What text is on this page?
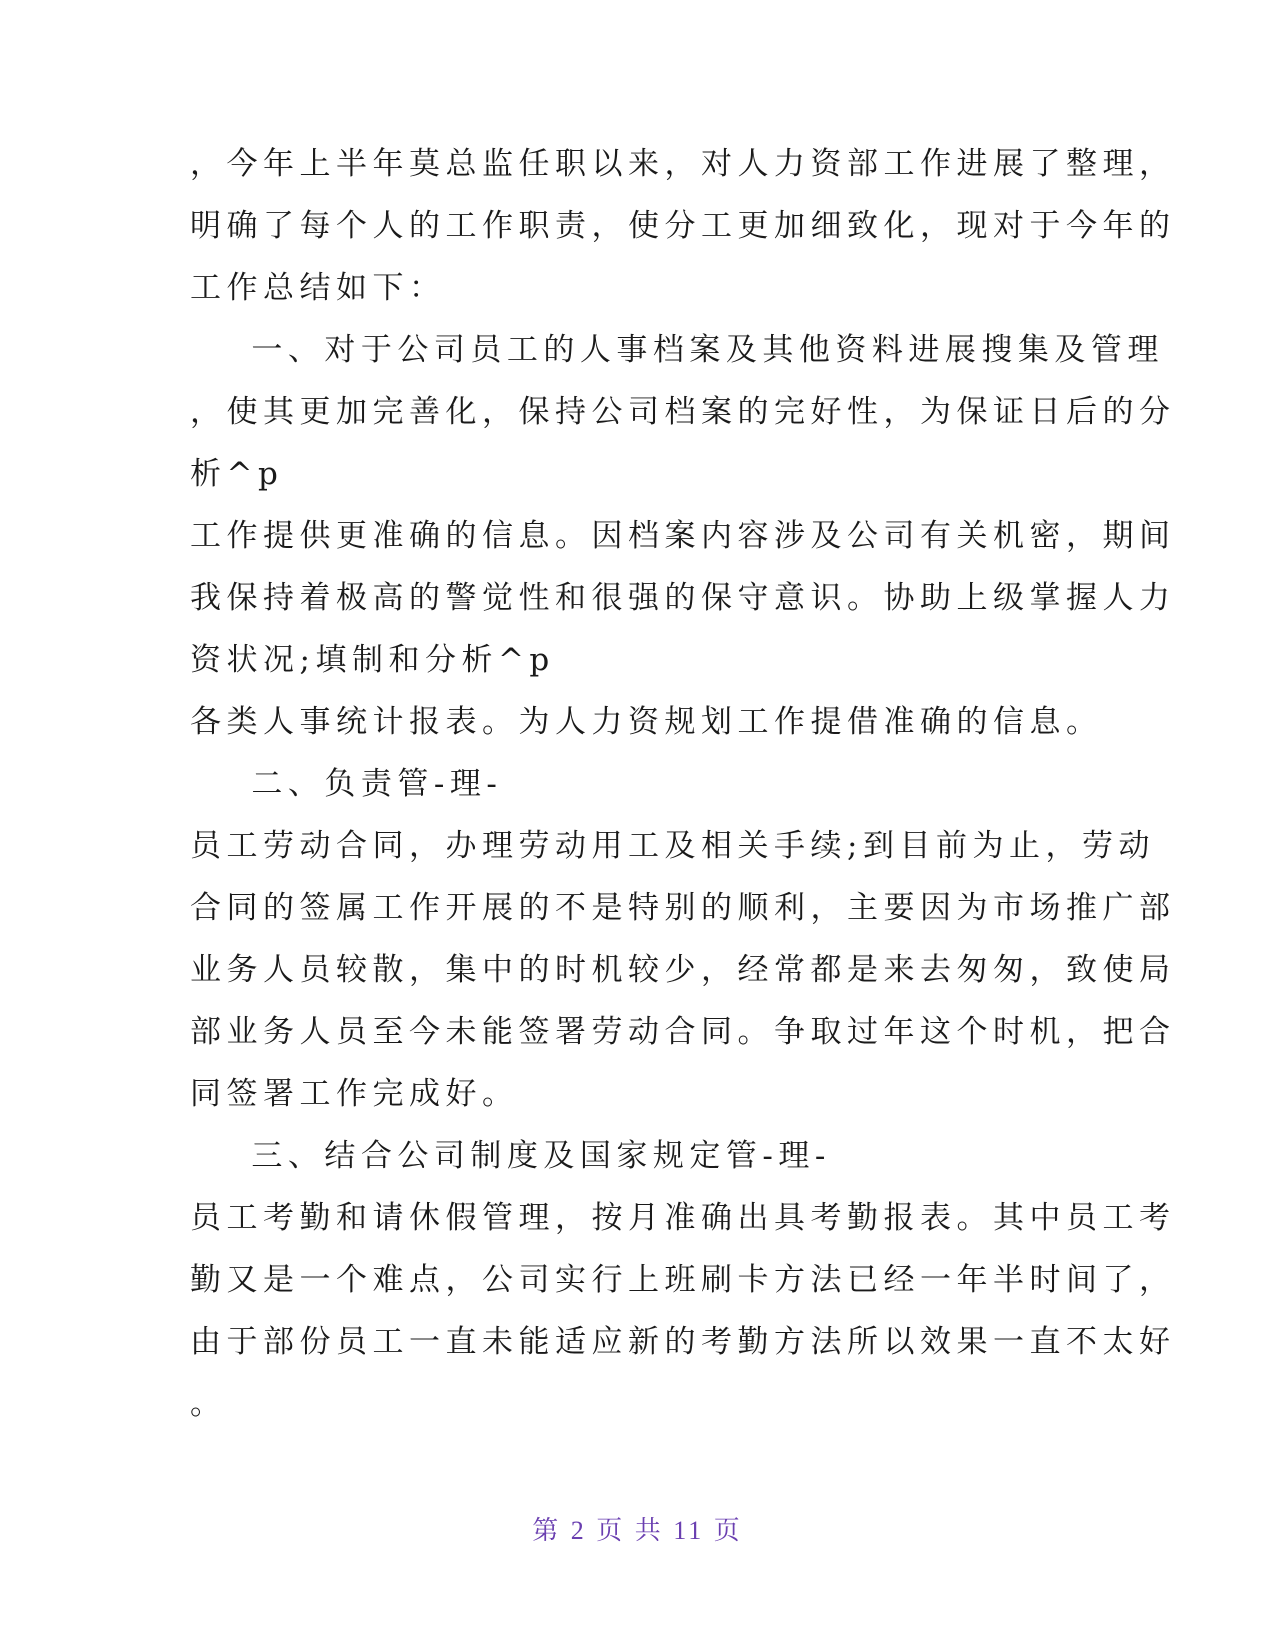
，今年上半年莫总监任职以来，对人力资部工作进展了整理，
明确了每个人的工作职责，使分工更加细致化，现对于今年的
工作总结如下：
一、对于公司员工的人事档案及其他资料进展搜集及管理
，使其更加完善化，保持公司档案的完好性，为保证日后的分
析^p
工作提供更准确的信息。因档案内容涉及公司有关机密，期间
我保持着极高的警觉性和很强的保守意识。协助上级掌握人力
资状况;填制和分析^p
各类人事统计报表。为人力资规划工作提借准确的信息。
二、负责管-理-
员工劳动合同，办理劳动用工及相关手续;到目前为止，劳动
合同的签属工作开展的不是特别的顺利，主要因为市场推广部
业务人员较散，集中的时机较少，经常都是来去匆匆，致使局
部业务人员至今未能签署劳动合同。争取过年这个时机，把合
同签署工作完成好。
三、结合公司制度及国家规定管-理-
员工考勤和请休假管理，按月准确出具考勤报表。其中员工考
勤又是一个难点，公司实行上班刷卡方法已经一年半时间了，
由于部份员工一直未能适应新的考勤方法所以效果一直不太好
。
第 2 页 共 11 页
